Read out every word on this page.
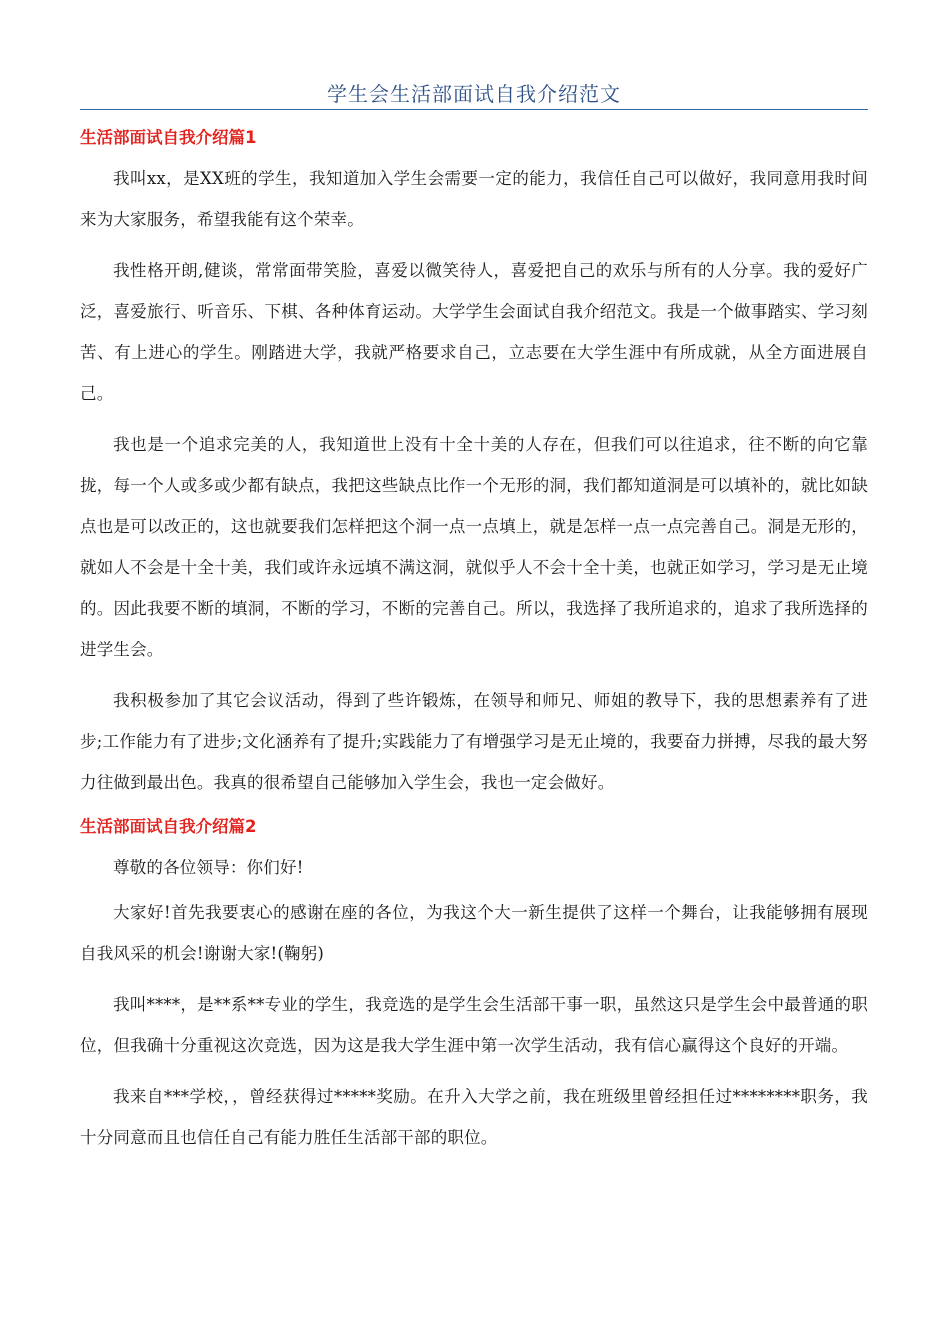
学生会生活部面试自我介绍范文
生活部面试自我介绍篇1

我叫xx，是XX班的学生，我知道加入学生会需要一定的能力，我信任自己可以做好，我同意用我时间来为大家服务，希望我能有这个荣幸。

我性格开朗,健谈，常常面带笑脸，喜爱以微笑待人，喜爱把自己的欢乐与所有的人分享。我的爱好广泛，喜爱旅行、听音乐、下棋、各种体育运动。大学学生会面试自我介绍范文。我是一个做事踏实、学习刻苦、有上进心的学生。刚踏进大学，我就严格要求自己，立志要在大学生涯中有所成就，从全方面进展自己。

我也是一个追求完美的人，我知道世上没有十全十美的人存在，但我们可以往追求，往不断的向它靠拢，每一个人或多或少都有缺点，我把这些缺点比作一个无形的洞，我们都知道洞是可以填补的，就比如缺点也是可以改正的，这也就要我们怎样把这个洞一点一点填上，就是怎样一点一点完善自己。洞是无形的，就如人不会是十全十美，我们或许永远填不满这洞，就似乎人不会十全十美，也就正如学习，学习是无止境的。因此我要不断的填洞，不断的学习，不断的完善自己。所以，我选择了我所追求的，追求了我所选择的进学生会。

我积极参加了其它会议活动，得到了些许锻炼，在领导和师兄、师姐的教导下，我的思想素养有了进步;工作能力有了进步;文化涵养有了提升;实践能力了有增强学习是无止境的，我要奋力拼搏，尽我的最大努力往做到最出色。我真的很希望自己能够加入学生会，我也一定会做好。

生活部面试自我介绍篇2

尊敬的各位领导：你们好!

大家好!首先我要衷心的感谢在座的各位，为我这个大一新生提供了这样一个舞台，让我能够拥有展现自我风采的机会!谢谢大家!(鞠躬)

我叫****，是**系**专业的学生，我竞选的是学生会生活部干事一职，虽然这只是学生会中最普通的职位，但我确十分重视这次竞选，因为这是我大学生涯中第一次学生活动，我有信心赢得这个良好的开端。

我来自***学校，，曾经获得过*****奖励。在升入大学之前，我在班级里曾经担任过********职务，我十分同意而且也信任自己有能力胜任生活部干部的职位。
